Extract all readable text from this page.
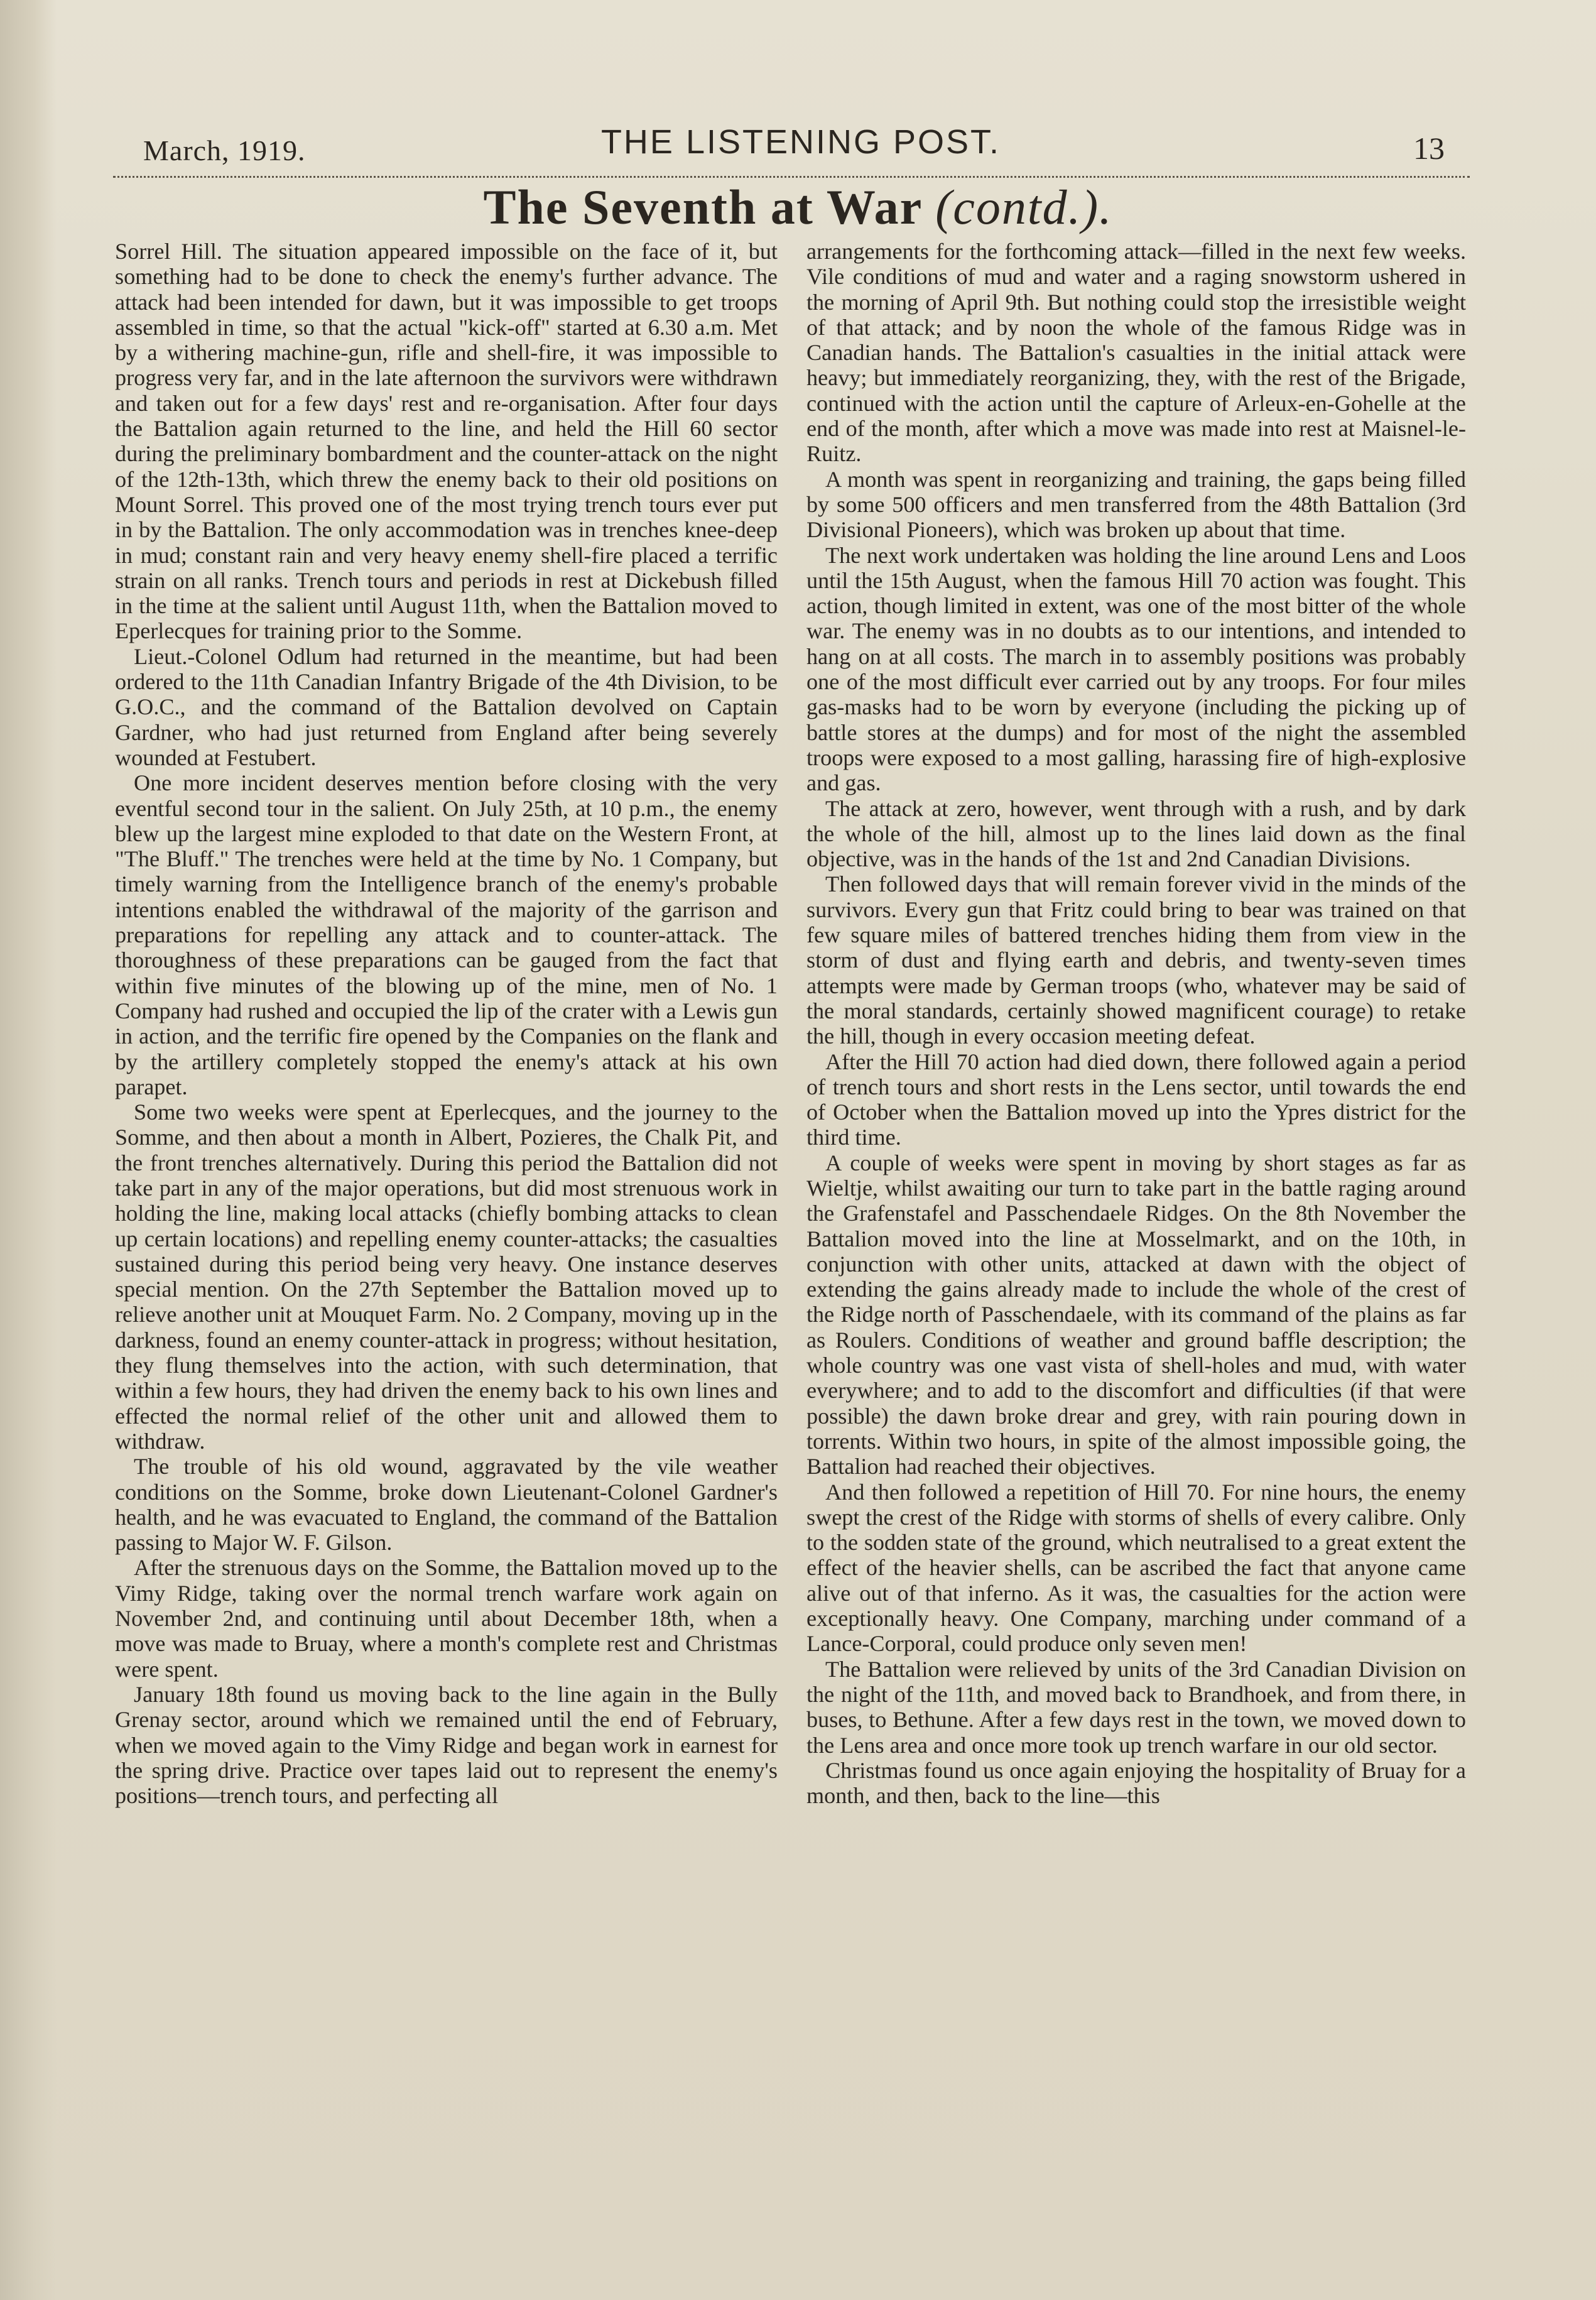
March, 1919.	THE LISTENING POST.	13
The Seventh at War (contd.).

Sorrel Hill. The situation appeared impossible on the face of it, but something had to be done to check the enemy's further advance. The attack had been intended for dawn, but it was impossible to get troops assembled in time, so that the actual "kick-off" started at 6.30 a.m. Met by a withering machine-gun, rifle and shell-fire, it was impossible to progress very far, and in the late afternoon the survivors were withdrawn and taken out for a few days' rest and re-organisation. After four days the Battalion again returned to the line, and held the Hill 60 sector during the preliminary bombardment and the counter-attack on the night of the 12th-13th, which threw the enemy back to their old positions on Mount Sorrel. This proved one of the most trying trench tours ever put in by the Battalion. The only accommodation was in trenches knee-deep in mud; constant rain and very heavy enemy shell-fire placed a terrific strain on all ranks. Trench tours and periods in rest at Dickebush filled in the time at the salient until August 11th, when the Battalion moved to Eperlecques for training prior to the Somme.

Lieut.-Colonel Odlum had returned in the meantime, but had been ordered to the 11th Canadian Infantry Brigade of the 4th Division, to be G.O.C., and the command of the Battalion devolved on Captain Gardner, who had just returned from England after being severely wounded at Festubert.

One more incident deserves mention before closing with the very eventful second tour in the salient. On July 25th, at 10 p.m., the enemy blew up the largest mine exploded to that date on the Western Front, at "The Bluff." The trenches were held at the time by No. 1 Company, but timely warning from the Intelligence branch of the enemy's probable intentions enabled the withdrawal of the majority of the garrison and preparations for repelling any attack and to counter-attack. The thoroughness of these preparations can be gauged from the fact that within five minutes of the blowing up of the mine, men of No. 1 Company had rushed and occupied the lip of the crater with a Lewis gun in action, and the terrific fire opened by the Companies on the flank and by the artillery completely stopped the enemy's attack at his own parapet.

Some two weeks were spent at Eperlecques, and the journey to the Somme, and then about a month in Albert, Pozieres, the Chalk Pit, and the front trenches alternatively. During this period the Battalion did not take part in any of the major operations, but did most strenuous work in holding the line, making local attacks (chiefly bombing attacks to clean up certain locations) and repelling enemy counter-attacks; the casualties sustained during this period being very heavy. One instance deserves special mention. On the 27th September the Battalion moved up to relieve another unit at Mouquet Farm. No. 2 Company, moving up in the darkness, found an enemy counter-attack in progress; without hesitation, they flung themselves into the action, with such determination, that within a few hours, they had driven the enemy back to his own lines and effected the normal relief of the other unit and allowed them to withdraw.

The trouble of his old wound, aggravated by the vile weather conditions on the Somme, broke down Lieutenant-Colonel Gardner's health, and he was evacuated to England, the command of the Battalion passing to Major W. F. Gilson.

After the strenuous days on the Somme, the Battalion moved up to the Vimy Ridge, taking over the normal trench warfare work again on November 2nd, and continuing until about December 18th, when a move was made to Bruay, where a month's complete rest and Christmas were spent.

January 18th found us moving back to the line again in the Bully Grenay sector, around which we remained until the end of February, when we moved again to the Vimy Ridge and began work in earnest for the spring drive. Practice over tapes laid out to represent the enemy's positions—trench tours, and perfecting all

arrangements for the forthcoming attack—filled in the next few weeks. Vile conditions of mud and water and a raging snowstorm ushered in the morning of April 9th. But nothing could stop the irresistible weight of that attack; and by noon the whole of the famous Ridge was in Canadian hands. The Battalion's casualties in the initial attack were heavy; but immediately reorganizing, they, with the rest of the Brigade, continued with the action until the capture of Arleux-en-Gohelle at the end of the month, after which a move was made into rest at Maisnel-le-Ruitz.

A month was spent in reorganizing and training, the gaps being filled by some 500 officers and men transferred from the 48th Battalion (3rd Divisional Pioneers), which was broken up about that time.

The next work undertaken was holding the line around Lens and Loos until the 15th August, when the famous Hill 70 action was fought. This action, though limited in extent, was one of the most bitter of the whole war. The enemy was in no doubts as to our intentions, and intended to hang on at all costs. The march in to assembly positions was probably one of the most difficult ever carried out by any troops. For four miles gas-masks had to be worn by everyone (including the picking up of battle stores at the dumps) and for most of the night the assembled troops were exposed to a most galling, harassing fire of high-explosive and gas.

The attack at zero, however, went through with a rush, and by dark the whole of the hill, almost up to the lines laid down as the final objective, was in the hands of the 1st and 2nd Canadian Divisions.

Then followed days that will remain forever vivid in the minds of the survivors. Every gun that Fritz could bring to bear was trained on that few square miles of battered trenches hiding them from view in the storm of dust and flying earth and debris, and twenty-seven times attempts were made by German troops (who, whatever may be said of the moral standards, certainly showed magnificent courage) to retake the hill, though in every occasion meeting defeat.

After the Hill 70 action had died down, there followed again a period of trench tours and short rests in the Lens sector, until towards the end of October when the Battalion moved up into the Ypres district for the third time.

A couple of weeks were spent in moving by short stages as far as Wieltje, whilst awaiting our turn to take part in the battle raging around the Grafenstafel and Passchendaele Ridges. On the 8th November the Battalion moved into the line at Mosselmarkt, and on the 10th, in conjunction with other units, attacked at dawn with the object of extending the gains already made to include the whole of the crest of the Ridge north of Passchendaele, with its command of the plains as far as Roulers. Conditions of weather and ground baffle description; the whole country was one vast vista of shell-holes and mud, with water everywhere; and to add to the discomfort and difficulties (if that were possible) the dawn broke drear and grey, with rain pouring down in torrents. Within two hours, in spite of the almost impossible going, the Battalion had reached their objectives.

And then followed a repetition of Hill 70. For nine hours, the enemy swept the crest of the Ridge with storms of shells of every calibre. Only to the sodden state of the ground, which neutralised to a great extent the effect of the heavier shells, can be ascribed the fact that anyone came alive out of that inferno. As it was, the casualties for the action were exceptionally heavy. One Company, marching under command of a Lance-Corporal, could produce only seven men!

The Battalion were relieved by units of the 3rd Canadian Division on the night of the 11th, and moved back to Brandhoek, and from there, in buses, to Bethune. After a few days rest in the town, we moved down to the Lens area and once more took up trench warfare in our old sector.

Christmas found us once again enjoying the hospitality of Bruay for a month, and then, back to the line—this
